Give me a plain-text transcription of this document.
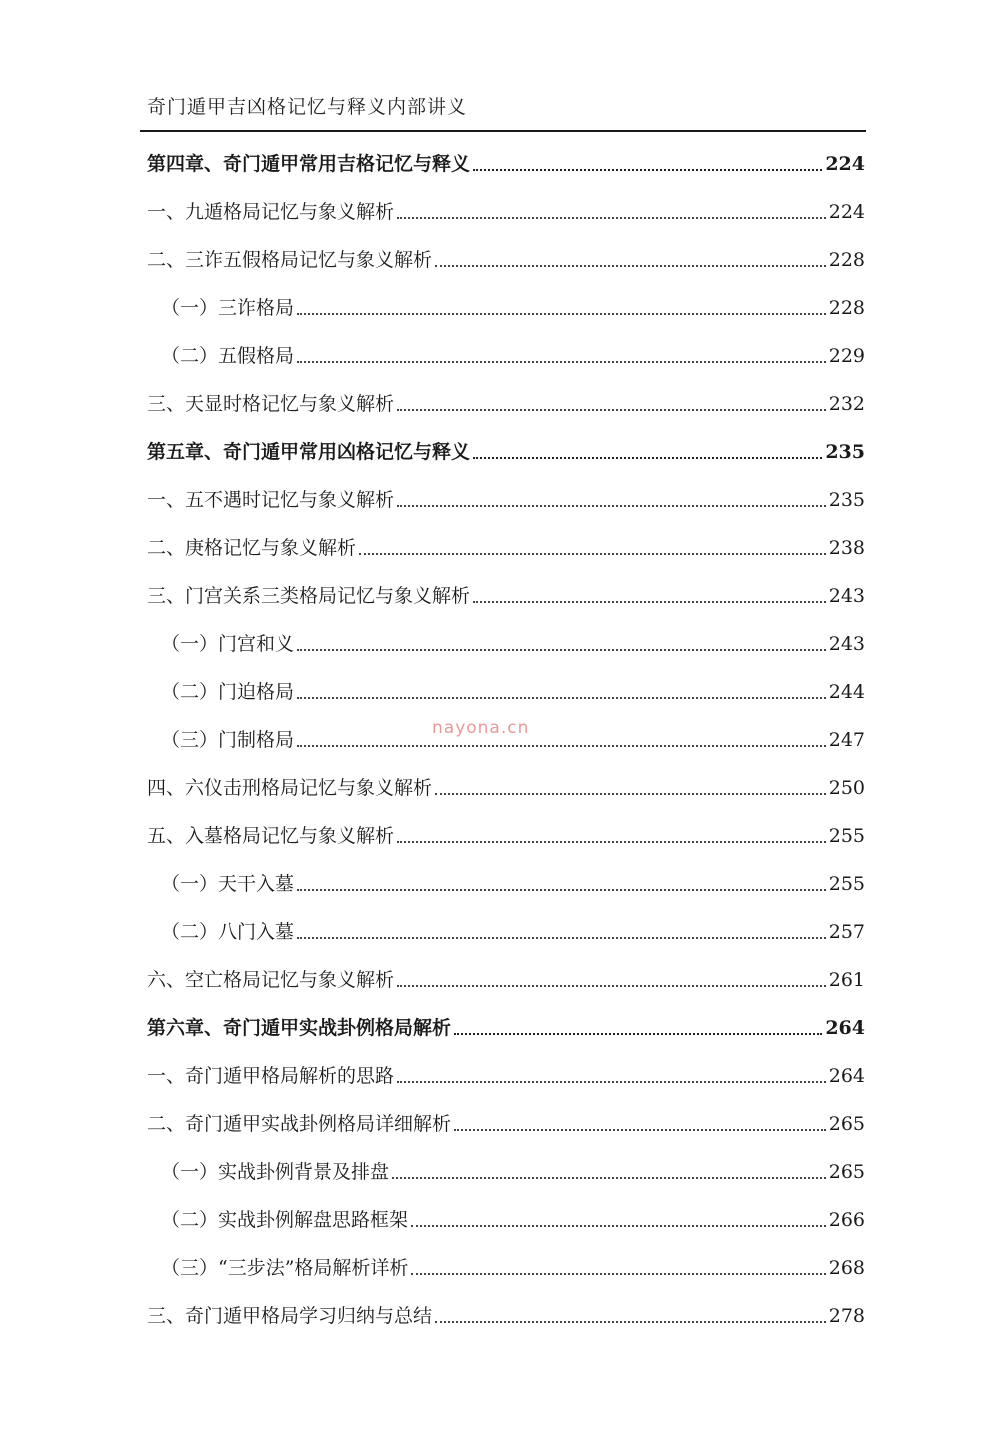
奇门遁甲吉凶格记忆与释义内部讲义
第四章、奇门遁甲常用吉格记忆与释义	224
一、九遁格局记忆与象义解析	224
二、三诈五假格局记忆与象义解析	228
（一）三诈格局	228
（二）五假格局	229
三、天显时格记忆与象义解析	232
第五章、奇门遁甲常用凶格记忆与释义	235
一、五不遇时记忆与象义解析	235
二、庚格记忆与象义解析	238
三、门宫关系三类格局记忆与象义解析	243
（一）门宫和义	243
（二）门迫格局	244
（三）门制格局	247
四、六仪击刑格局记忆与象义解析	250
五、入墓格局记忆与象义解析	255
（一）天干入墓	255
（二）八门入墓	257
六、空亡格局记忆与象义解析	261
第六章、奇门遁甲实战卦例格局解析	264
一、奇门遁甲格局解析的思路	264
二、奇门遁甲实战卦例格局详细解析	265
（一）实战卦例背景及排盘	265
（二）实战卦例解盘思路框架	266
（三）“三步法”格局解析详析	268
三、奇门遁甲格局学习归纳与总结	278
nayona.cn
